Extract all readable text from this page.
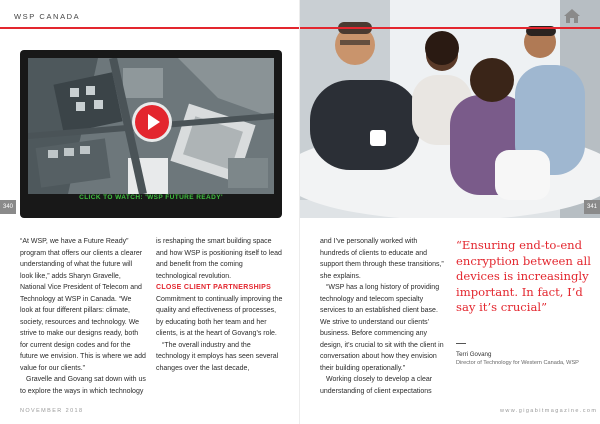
WSP CANADA
CLICK TO WATCH: 'WSP FUTURE READY'
340

“At WSP, we have a Future Ready” program that offers our clients a clearer understanding of what the future will look like,” adds Sharyn Gravelle, National Vice President of Telecom and Technology at WSP in Canada. “We look at four different pillars: climate, society, resources and technology. We strive to make our designs ready, both for current design codes and for the future we envision. This is where we add value for our clients.”

Gravelle and Govang sat down with us to explore the ways in which technology

is reshaping the smart building space and how WSP is positioning itself to lead and benefit from the coming technological revolution.

CLOSE CLIENT PARTNERSHIPS

Commitment to continually improving the quality and effectiveness of processes, by educating both her team and her clients, is at the heart of Govang’s role.

“The overall industry and the technology it employs has seen several changes over the last decade,

NOVEMBER 2018
341

and I’ve personally worked with hundreds of clients to educate and support them through these transitions,” she explains.

“WSP has a long history of providing technology and telecom specialty services to an established client base. We strive to understand our clients’ business. Before commencing any design, it’s crucial to sit with the client in conversation about how they envision their building operationally.”

Working closely to develop a clear understanding of client expectations

“Ensuring end-to-end encryption between all devices is increasingly important. In fact, I’d say it’s crucial”
Terri Govang
Director of Technology for Western Canada, WSP
www.gigabitmagazine.com
